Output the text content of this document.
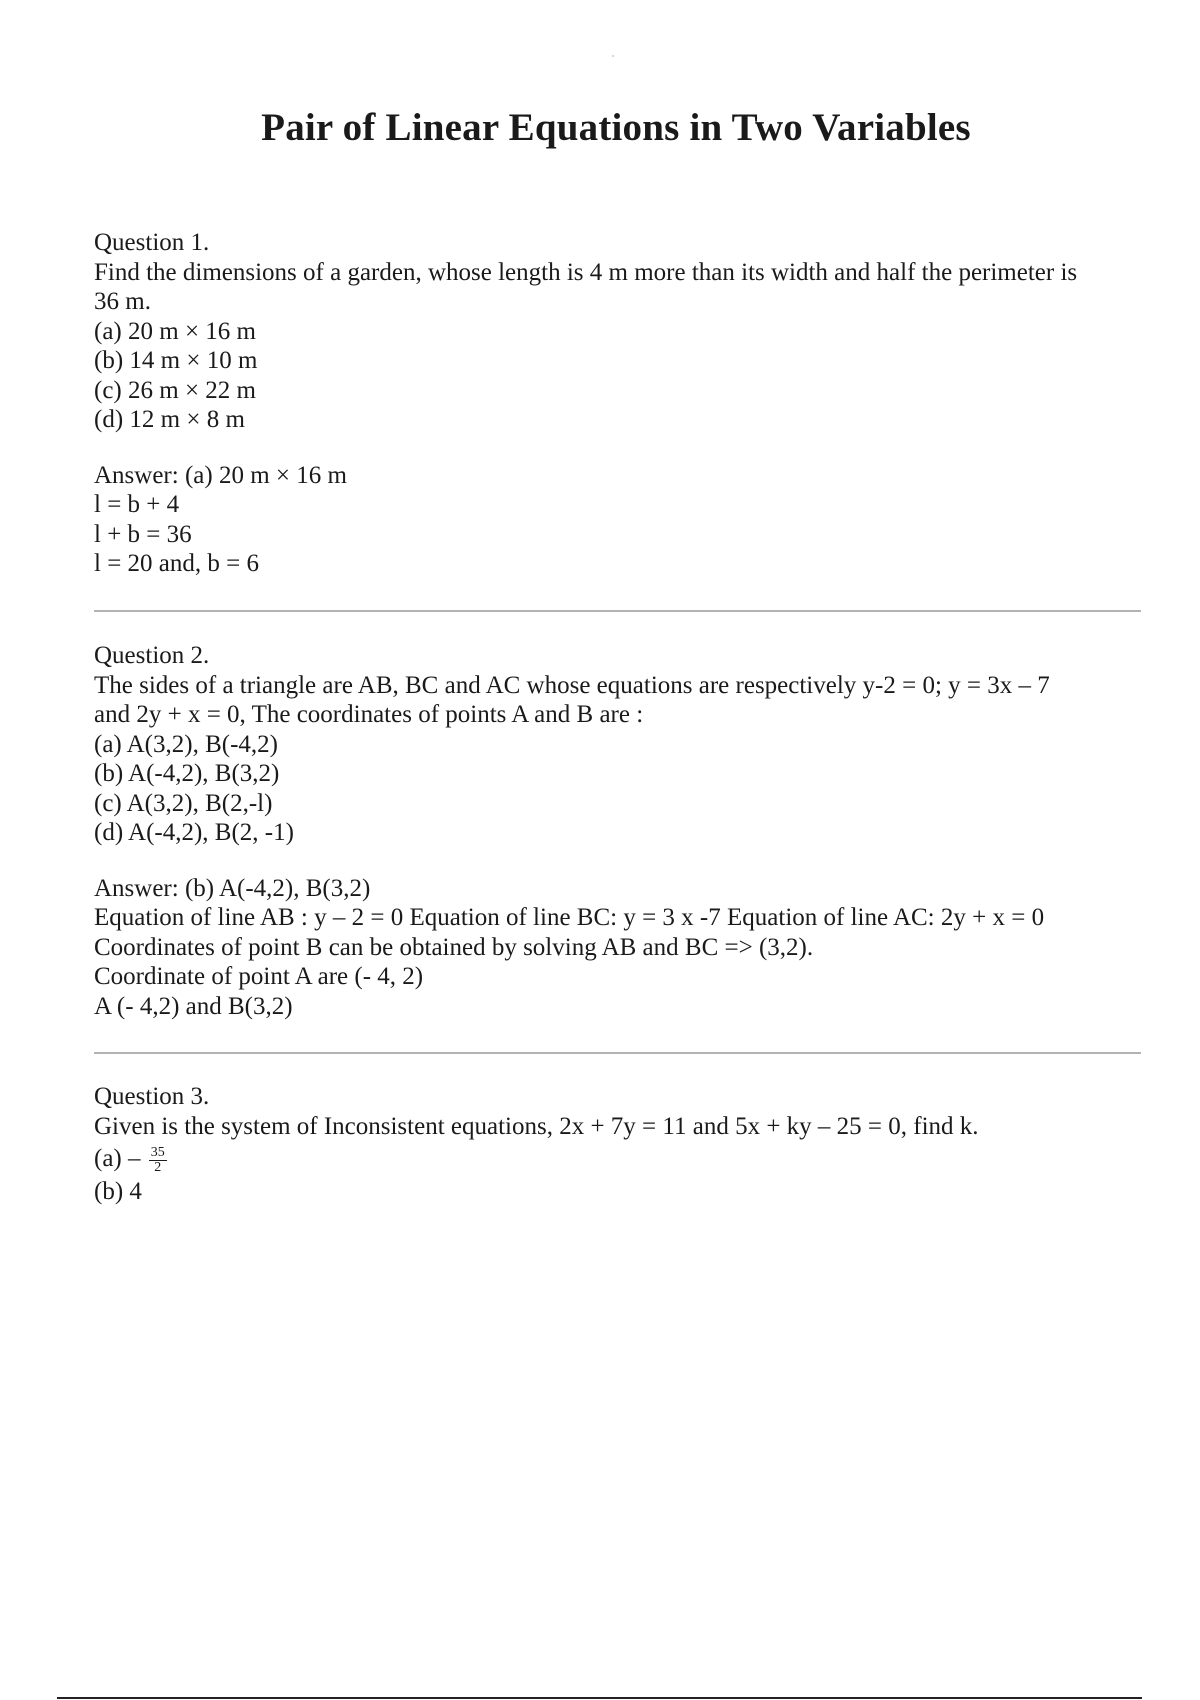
Pair of Linear Equations in Two Variables
Question 1.
Find the dimensions of a garden, whose length is 4 m more than its width and half the perimeter is
36 m.
(a) 20 m × 16 m
(b) 14 m × 10 m
(c) 26 m × 22 m
(d) 12 m × 8 m
Answer: (a) 20 m × 16 m
l = b + 4
l + b = 36
l = 20 and, b = 6
Question 2.
The sides of a triangle are AB, BC and AC whose equations are respectively y-2 = 0; y = 3x – 7
and 2y + x = 0, The coordinates of points A and B are :
(a) A(3,2), B(-4,2)
(b) A(-4,2), B(3,2)
(c) A(3,2), B(2,-l)
(d) A(-4,2), B(2, -1)
Answer: (b) A(-4,2), B(3,2)
Equation of line AB : y – 2 = 0 Equation of line BC: y = 3 x -7 Equation of line AC: 2y + x = 0
Coordinates of point B can be obtained by solving AB and BC => (3,2).
Coordinate of point A are (- 4, 2)
A (- 4,2) and B(3,2)
Question 3.
Given is the system of Inconsistent equations, 2x + 7y = 11 and 5x + ky – 25 = 0, find k.
$(a) - \frac{35}{2}$
(b) 4
